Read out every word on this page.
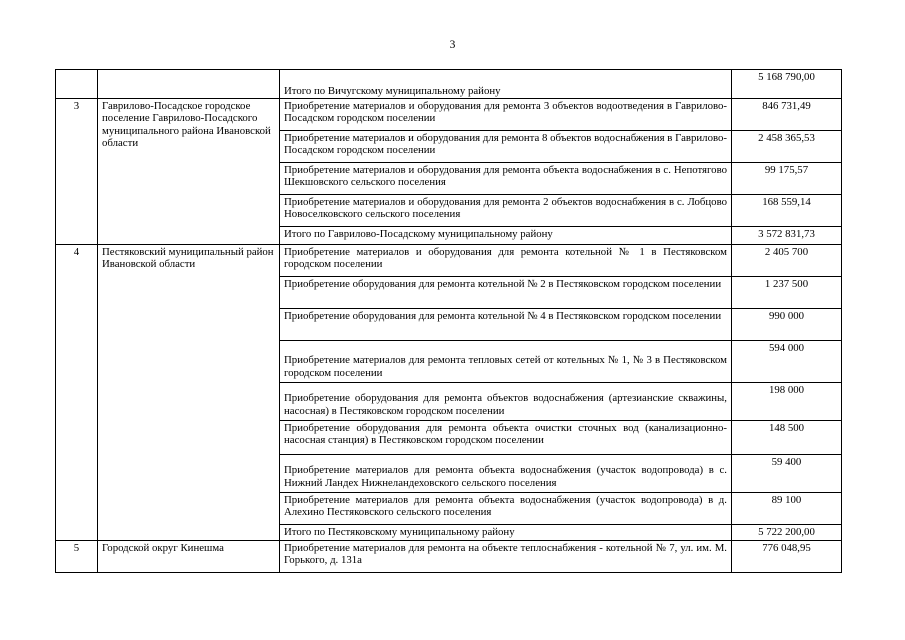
3
		Итого по Вичугскому муниципальному району	5 168 790,00
3	Гаврилово-Посадское городское поселение Гаврилово-Посадского муниципального района Ивановской области	Приобретение материалов и оборудования для ремонта 3 объектов водоотведения в Гаврилово-Посадском городском поселении	846 731,49
		Приобретение материалов и оборудования для ремонта 8 объектов водоснабжения в Гаврилово-Посадском городском поселении	2 458 365,53
		Приобретение материалов и оборудования для ремонта объекта водоснабжения в с. Непотягово Шекшовского сельского поселения	99 175,57
		Приобретение материалов и оборудования для ремонта 2 объектов водоснабжения в с. Лобцово Новоселковского сельского поселения	168 559,14
		Итого по Гаврилово-Посадскому муниципальному району	3 572 831,73
4	Пестяковский муниципальный район Ивановской области	Приобретение материалов и оборудования для ремонта котельной № 1 в Пестяковском городском поселении	2 405 700
		Приобретение оборудования для ремонта котельной № 2 в Пестяковском городском поселении	1 237 500
		Приобретение оборудования для ремонта котельной № 4 в Пестяковском городском поселении	990 000
		Приобретение материалов для ремонта тепловых сетей от котельных № 1, № 3 в Пестяковском городском поселении	594 000
		Приобретение оборудования для ремонта объектов водоснабжения (артезианские скважины, насосная) в Пестяковском городском поселении	198 000
		Приобретение оборудования для ремонта объекта очистки сточных вод (канализационно-насосная станция) в Пестяковском городском поселении	148 500
		Приобретение материалов для ремонта объекта водоснабжения (участок водопровода) в с. Нижний Ландех Нижнеландеховского сельского поселения	59 400
		Приобретение материалов для ремонта объекта водоснабжения (участок водопровода) в д. Алехино Пестяковского сельского поселения	89 100
		Итого по Пестяковскому муниципальному району	5 722 200,00
5	Городской округ Кинешма	Приобретение материалов для ремонта на объекте теплоснабжения - котельной № 7, ул. им. М. Горького, д. 131а	776 048,95
